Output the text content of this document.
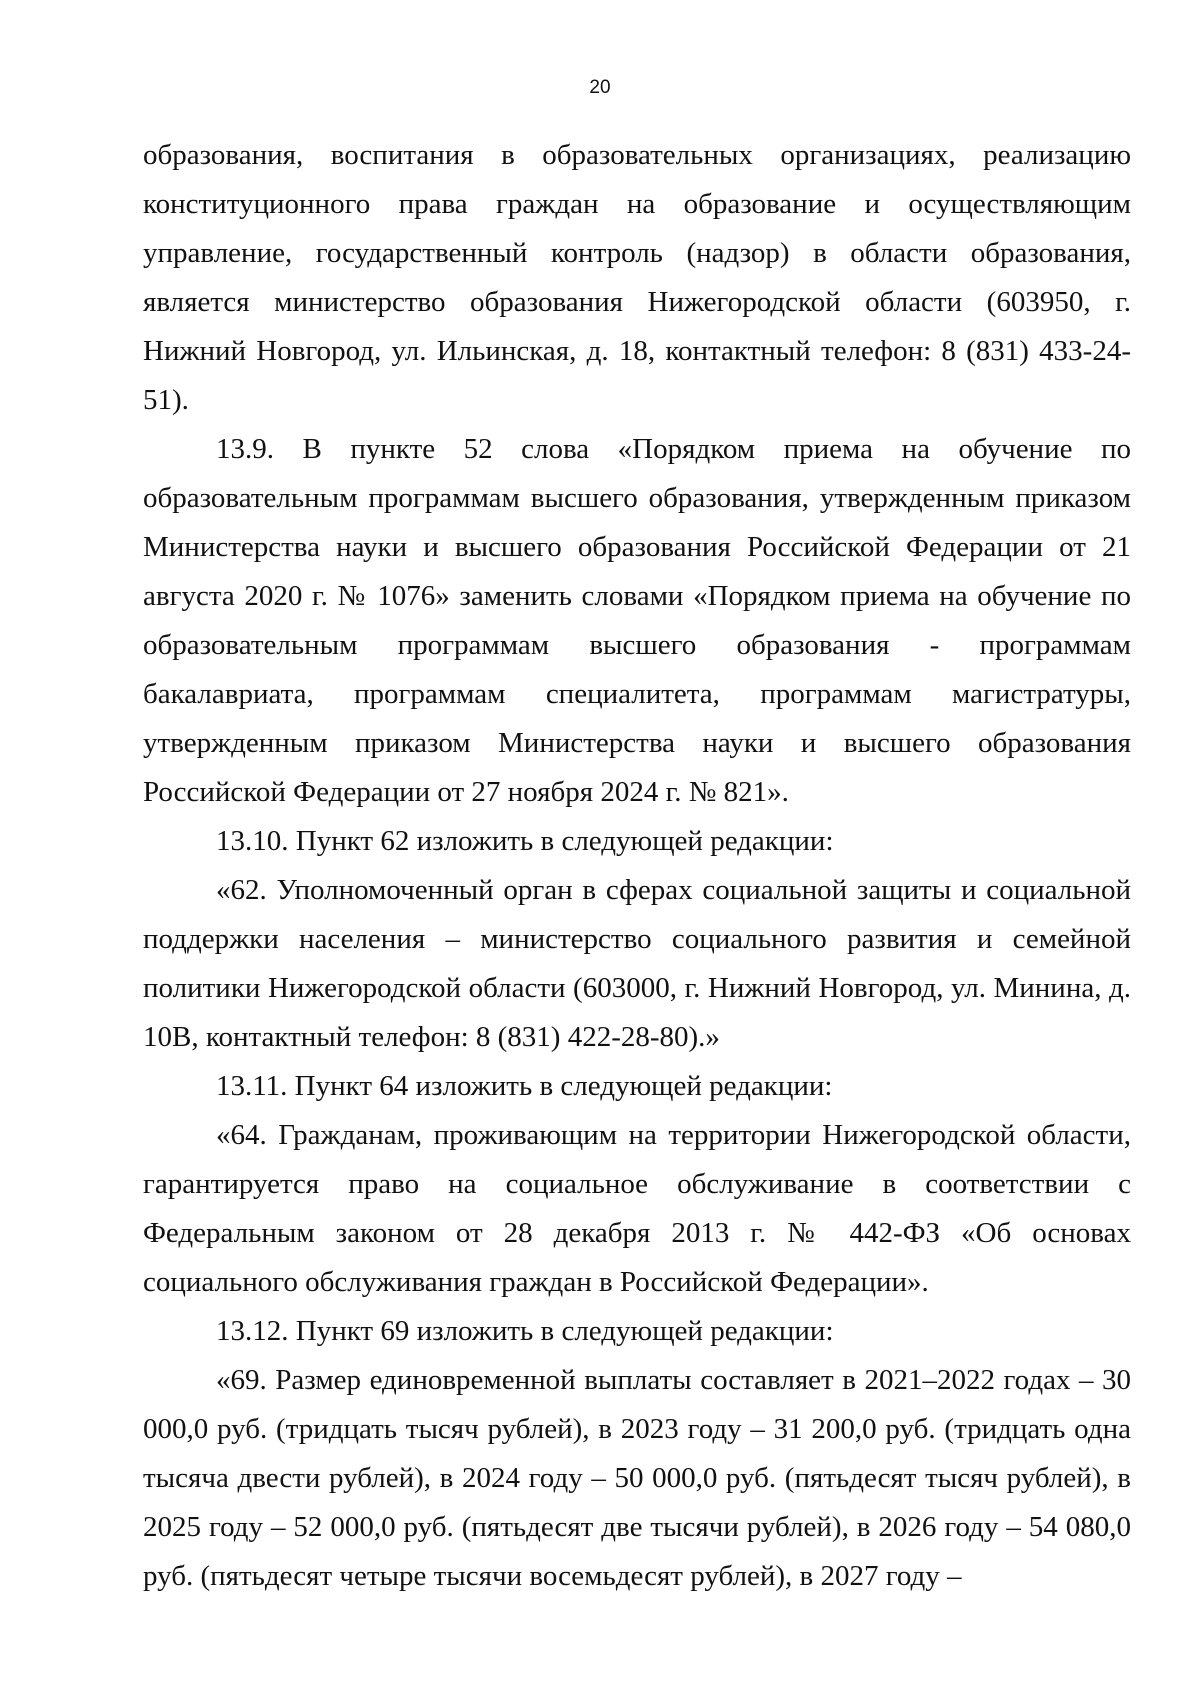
20

образования, воспитания в образовательных организациях, реализацию конституционного права граждан на образование и осуществляющим управление, государственный контроль (надзор) в области образования, является министерство образования Нижегородской области (603950, г. Нижний Новгород, ул. Ильинская, д. 18, контактный телефон: 8 (831) 433-24-51).

13.9. В пункте 52 слова «Порядком приема на обучение по образовательным программам высшего образования, утвержденным приказом Министерства науки и высшего образования Российской Федерации от 21 августа 2020 г. № 1076» заменить словами «Порядком приема на обучение по образовательным программам высшего образования - программам бакалавриата, программам специалитета, программам магистратуры, утвержденным приказом Министерства науки и высшего образования Российской Федерации от 27 ноября 2024 г. № 821».

13.10. Пункт 62 изложить в следующей редакции:

«62. Уполномоченный орган в сферах социальной защиты и социальной поддержки населения – министерство социального развития и семейной политики Нижегородской области (603000, г. Нижний Новгород, ул. Минина, д. 10В, контактный телефон: 8 (831) 422-28-80).»

13.11. Пункт 64 изложить в следующей редакции:

«64. Гражданам, проживающим на территории Нижегородской области, гарантируется право на социальное обслуживание в соответствии с Федеральным законом от 28 декабря 2013 г. № 442-ФЗ «Об основах социального обслуживания граждан в Российской Федерации».

13.12. Пункт 69 изложить в следующей редакции:

«69. Размер единовременной выплаты составляет в 2021–2022 годах – 30 000,0 руб. (тридцать тысяч рублей), в 2023 году – 31 200,0 руб. (тридцать одна тысяча двести рублей), в 2024 году – 50 000,0 руб. (пятьдесят тысяч рублей), в 2025 году – 52 000,0 руб. (пятьдесят две тысячи рублей), в 2026 году – 54 080,0 руб. (пятьдесят четыре тысячи восемьдесят рублей), в 2027 году –
